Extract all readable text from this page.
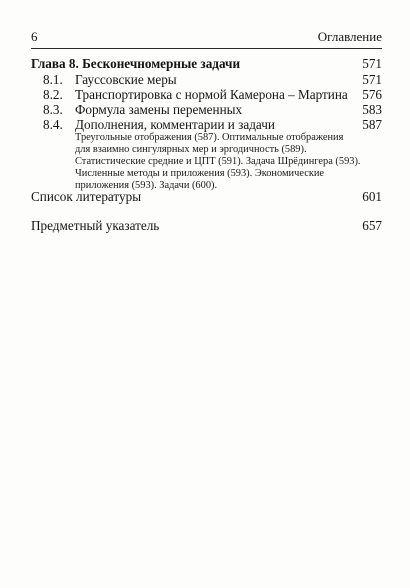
6	Оглавление
Глава 8. Бесконечномерные задачи	571
8.1. Гауссовские меры	571
8.2. Транспортировка с нормой Камерона – Мартина 576
8.3. Формула замены переменных	583
8.4. Дополнения, комментарии и задачи	587
Треугольные отображения (587). Оптимальные отображения
для взаимно сингулярных мер и эргодичность (589).
Статистические средние и ЦПТ (591). Задача Шрёдингера (593).
Численные методы и приложения (593). Экономические
приложения (593). Задачи (600).
Список литературы	601
Предметный указатель	657
